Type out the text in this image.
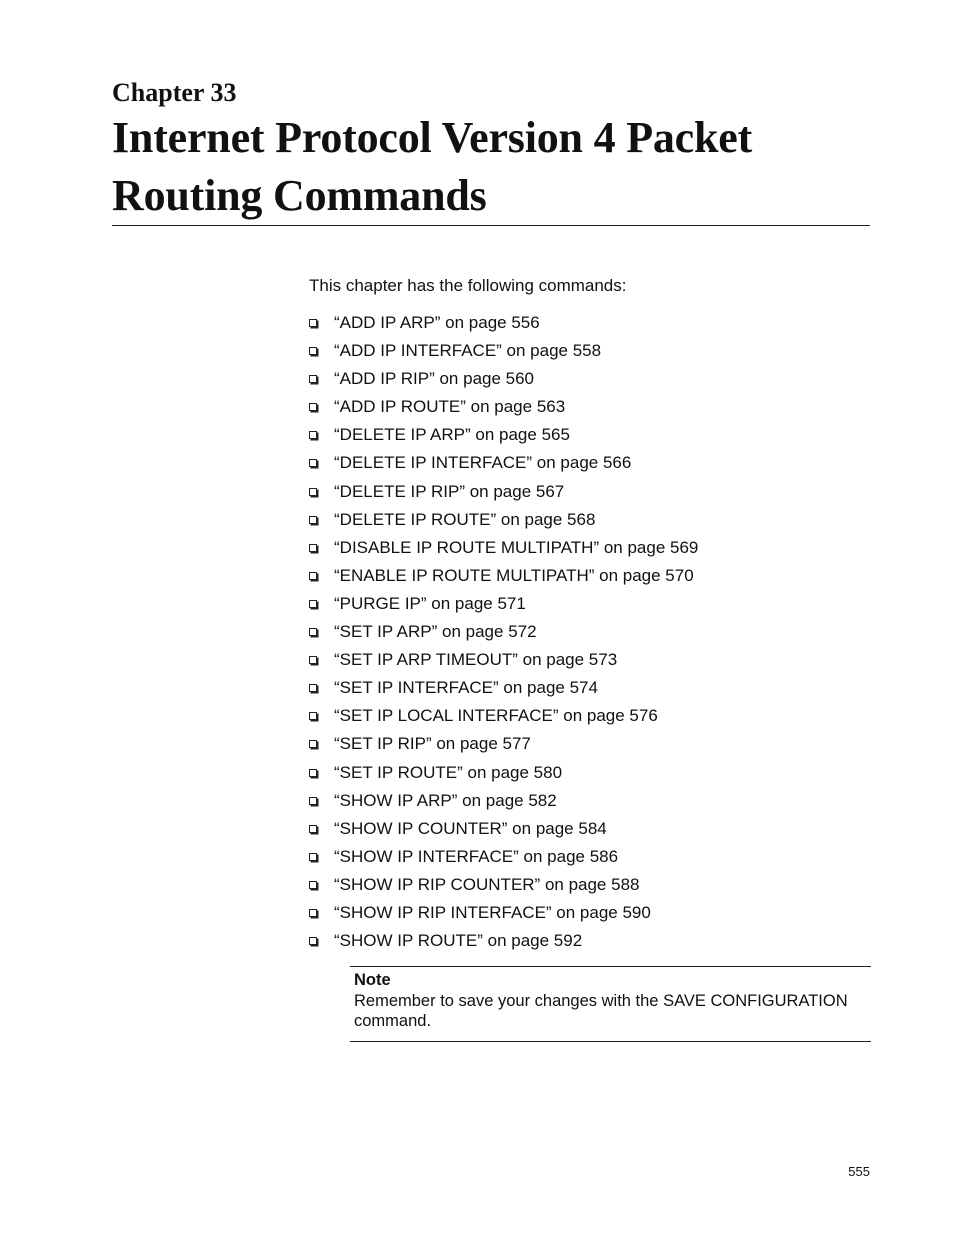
Chapter 33
Internet Protocol Version 4 Packet Routing Commands

This chapter has the following commands:

“ADD IP ARP” on page 556
“ADD IP INTERFACE” on page 558
“ADD IP RIP” on page 560
“ADD IP ROUTE” on page 563
“DELETE IP ARP” on page 565
“DELETE IP INTERFACE” on page 566
“DELETE IP RIP” on page 567
“DELETE IP ROUTE” on page 568
“DISABLE IP ROUTE MULTIPATH” on page 569
“ENABLE IP ROUTE MULTIPATH” on page 570
“PURGE IP” on page 571
“SET IP ARP” on page 572
“SET IP ARP TIMEOUT” on page 573
“SET IP INTERFACE” on page 574
“SET IP LOCAL INTERFACE” on page 576
“SET IP RIP” on page 577
“SET IP ROUTE” on page 580
“SHOW IP ARP” on page 582
“SHOW IP COUNTER” on page 584
“SHOW IP INTERFACE” on page 586
“SHOW IP RIP COUNTER” on page 588
“SHOW IP RIP INTERFACE” on page 590
“SHOW IP ROUTE” on page 592

Note

Remember to save your changes with the SAVE CONFIGURATION command.

555
